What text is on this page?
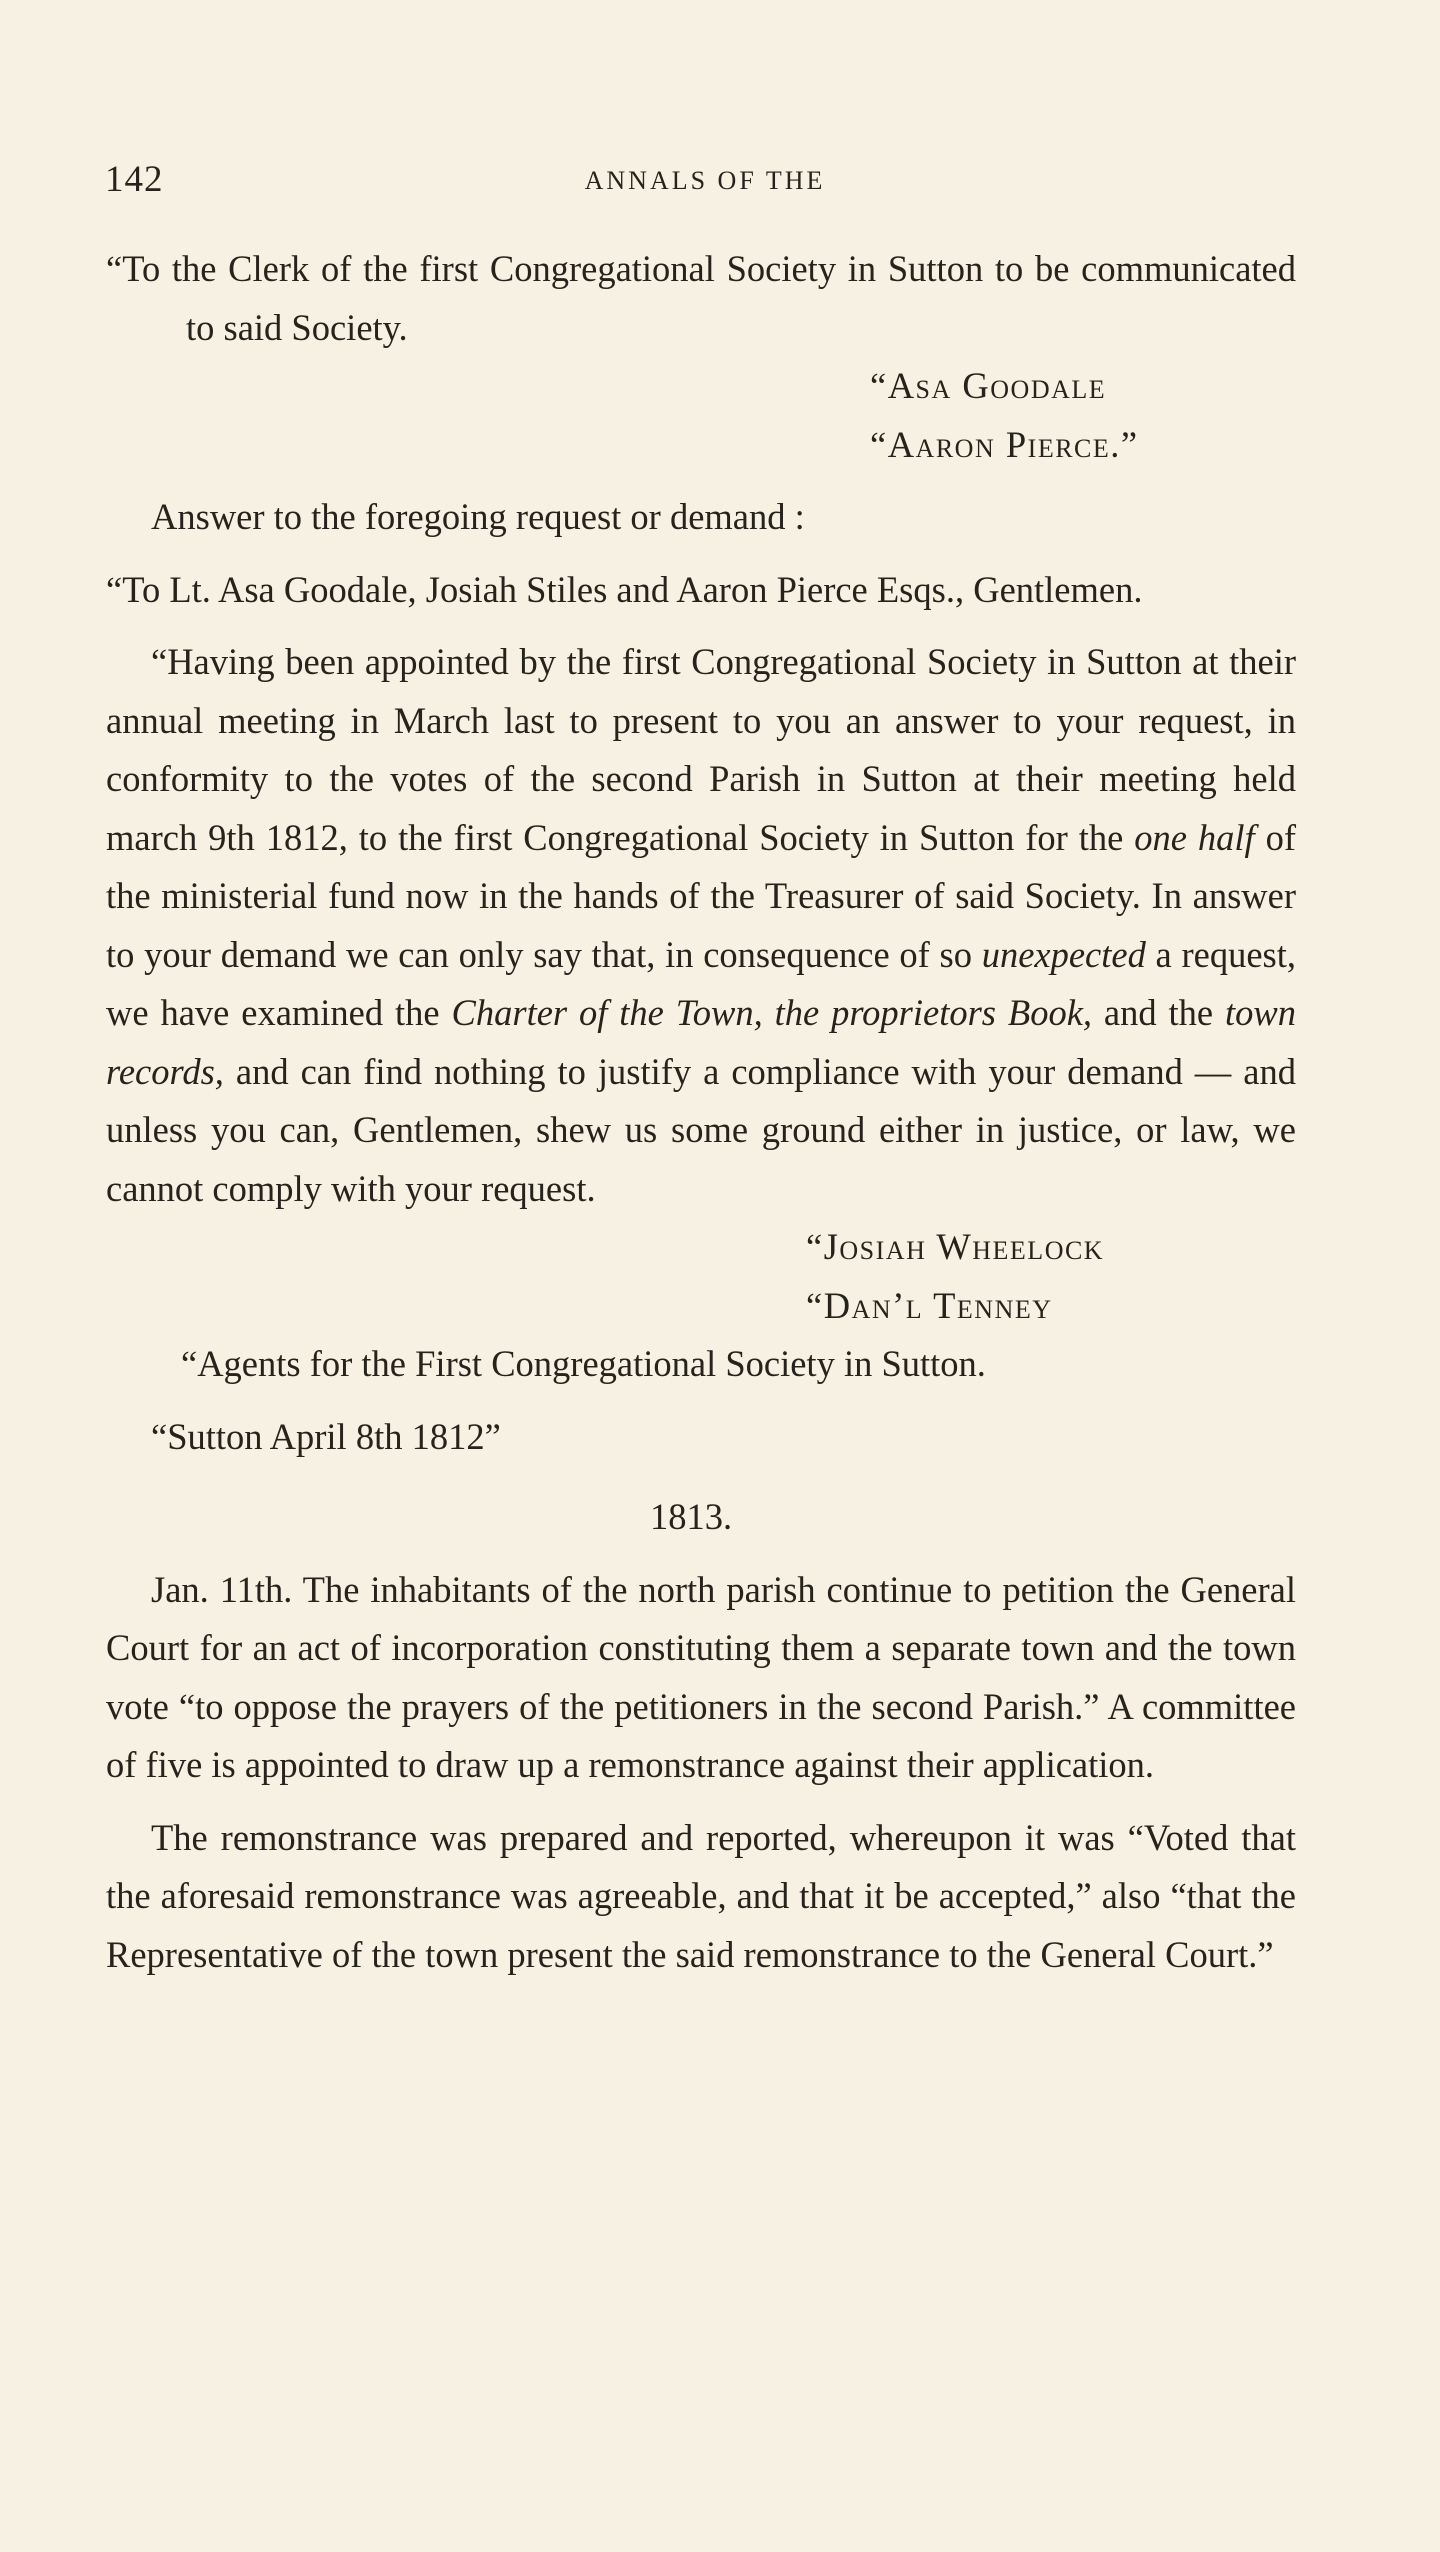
142	ANNALS OF THE

“To the Clerk of the first Congregational Society in Sutton to be communicated to said Society.

“Asa Goodale

“Aaron Pierce.”

Answer to the foregoing request or demand :

“To Lt. Asa Goodale, Josiah Stiles and Aaron Pierce Esqs., Gentlemen.

“Having been appointed by the first Congregational Society in Sutton at their annual meeting in March last to present to you an answer to your request, in conformity to the votes of the second Parish in Sutton at their meeting held march 9th 1812, to the first Congregational Society in Sutton for the one half of the ministerial fund now in the hands of the Treasurer of said Society. In answer to your demand we can only say that, in consequence of so unexpected a request, we have examined the Charter of the Town, the proprietors Book, and the town records, and can find nothing to justify a compliance with your demand — and unless you can, Gentlemen, shew us some ground either in justice, or law, we cannot comply with your request.

“Josiah Wheelock

“Dan’l Tenney

“Agents for the First Congregational Society in Sutton.

“Sutton April 8th 1812”

1813.

Jan. 11th. The inhabitants of the north parish continue to petition the General Court for an act of incorporation constituting them a separate town and the town vote “to oppose the prayers of the petitioners in the second Parish.” A committee of five is appointed to draw up a remonstrance against their application.

The remonstrance was prepared and reported, whereupon it was “Voted that the aforesaid remonstrance was agreeable, and that it be accepted,” also “that the Representative of the town present the said remonstrance to the General Court.”
